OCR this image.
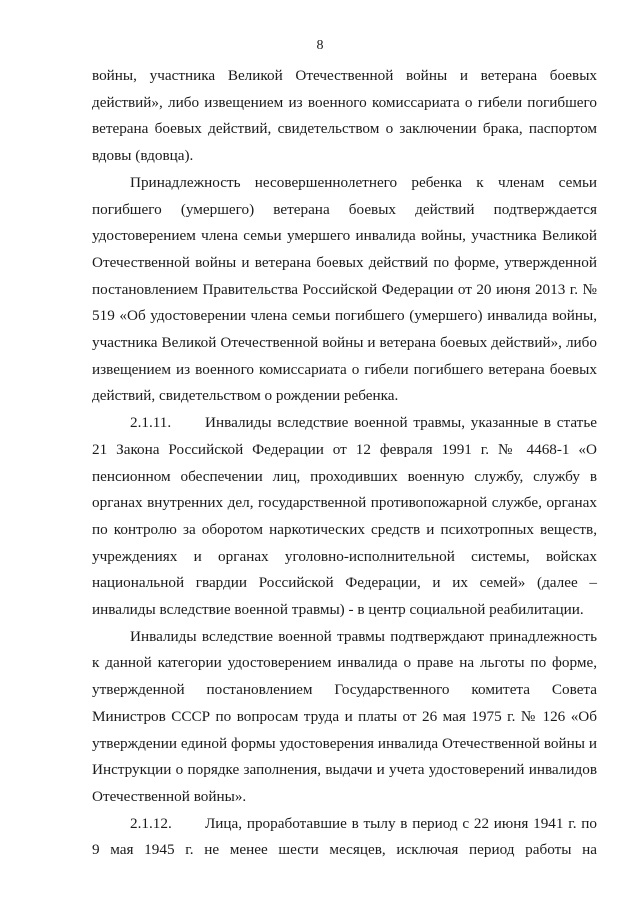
8

войны, участника Великой Отечественной войны и ветерана боевых действий», либо извещением из военного комиссариата о гибели погибшего ветерана боевых действий, свидетельством о заключении брака, паспортом вдовы (вдовца).

Принадлежность несовершеннолетнего ребенка к членам семьи погибшего (умершего) ветерана боевых действий подтверждается удостоверением члена семьи умершего инвалида войны, участника Великой Отечественной войны и ветерана боевых действий по форме, утвержденной постановлением Правительства Российской Федерации от 20 июня 2013 г. № 519 «Об удостоверении члена семьи погибшего (умершего) инвалида войны, участника Великой Отечественной войны и ветерана боевых действий», либо извещением из военного комиссариата о гибели погибшего ветерана боевых действий, свидетельством о рождении ребенка.

2.1.11. Инвалиды вследствие военной травмы, указанные в статье 21 Закона Российской Федерации от 12 февраля 1991 г. № 4468-1 «О пенсионном обеспечении лиц, проходивших военную службу, службу в органах внутренних дел, государственной противопожарной службе, органах по контролю за оборотом наркотических средств и психотропных веществ, учреждениях и органах уголовно-исполнительной системы, войсках национальной гвардии Российской Федерации, и их семей» (далее – инвалиды вследствие военной травмы) - в центр социальной реабилитации.

Инвалиды вследствие военной травмы подтверждают принадлежность к данной категории удостоверением инвалида о праве на льготы по форме, утвержденной постановлением Государственного комитета Совета Министров СССР по вопросам труда и платы от 26 мая 1975 г. № 126 «Об утверждении единой формы удостоверения инвалида Отечественной войны и Инструкции о порядке заполнения, выдачи и учета удостоверений инвалидов Отечественной войны».

2.1.12. Лица, проработавшие в тылу в период с 22 июня 1941 г. по 9 мая 1945 г. не менее шести месяцев, исключая период работы на
